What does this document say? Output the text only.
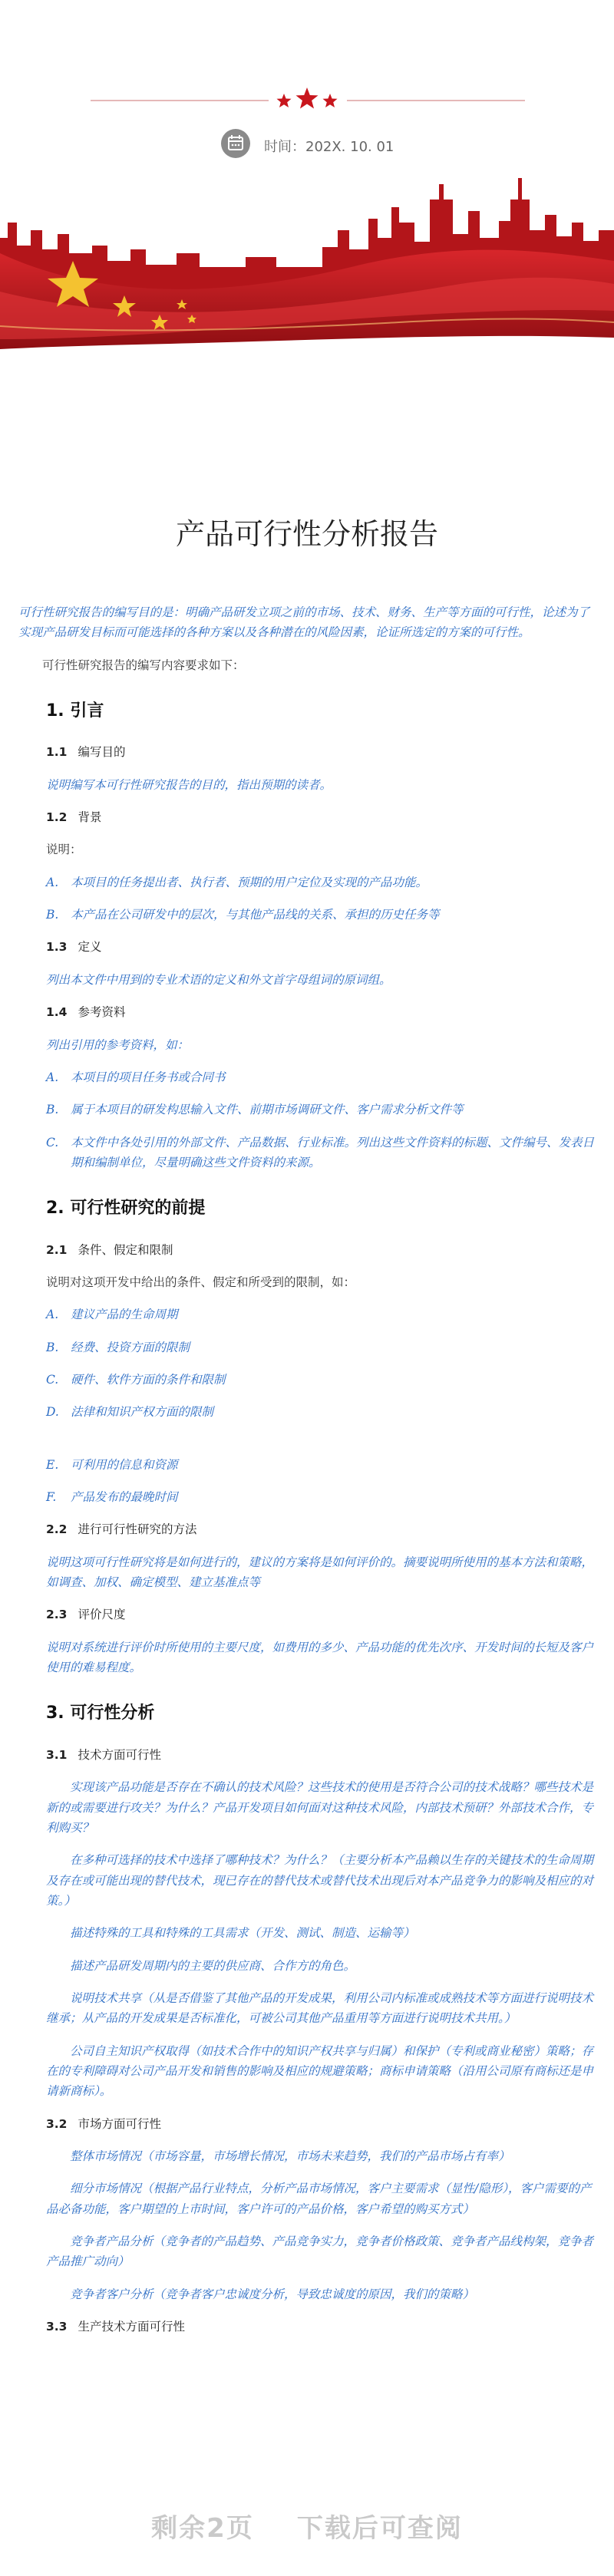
时间：202X. 10. 01
产品可行性分析报告

可行性研究报告的编写目的是：明确产品研发立项之前的市场、技术、财务、生产等方面的可行性，论述为了实现产品研发目标而可能选择的各种方案以及各种潜在的风险因素，论证所选定的方案的可行性。

可行性研究报告的编写内容要求如下：

1. 引言
1.1 编写目的

说明编写本可行性研究报告的目的，指出预期的读者。

1.2 背景

说明：

A.	本项目的任务提出者、执行者、预期的用户定位及实现的产品功能。
B.	本产品在公司研发中的层次，与其他产品线的关系、承担的历史任务等
1.3 定义

列出本文件中用到的专业术语的定义和外文首字母组词的原词组。

1.4 参考资料

列出引用的参考资料，如：

A.	本项目的项目任务书或合同书
B.	属于本项目的研发构思输入文件、前期市场调研文件、客户需求分析文件等
C.	本文件中各处引用的外部文件、产品数据、行业标准。列出这些文件资料的标题、文件编号、发表日期和编制单位，尽量明确这些文件资料的来源。
2. 可行性研究的前提
2.1 条件、假定和限制

说明对这项开发中给出的条件、假定和所受到的限制，如：

A.	建议产品的生命周期
B.	经费、投资方面的限制
C.	硬件、软件方面的条件和限制
D. 法律和知识产权方面的限制
E.	可利用的信息和资源
F.	产品发布的最晚时间
2.2 进行可行性研究的方法

说明这项可行性研究将是如何进行的，建议的方案将是如何评价的。摘要说明所使用的基本方法和策略，如调查、加权、确定模型、建立基准点等

2.3 评价尺度

说明对系统进行评价时所使用的主要尺度，如费用的多少、产品功能的优先次序、开发时间的长短及客户使用的难易程度。

3. 可行性分析
3.1 技术方面可行性

实现该产品功能是否存在不确认的技术风险？这些技术的使用是否符合公司的技术战略？哪些技术是新的或需要进行攻关？为什么？产品开发项目如何面对这种技术风险，内部技术预研？外部技术合作，专利购买？

在多种可选择的技术中选择了哪种技术？为什么？（主要分析本产品赖以生存的关键技术的生命周期及存在或可能出现的替代技术，现已存在的替代技术或替代技术出现后对本产品竞争力的影响及相应的对策。）

描述特殊的工具和特殊的工具需求（开发、测试、制造、运输等）

描述产品研发周期内的主要的供应商、合作方的角色。

说明技术共享（从是否借鉴了其他产品的开发成果，利用公司内标准或成熟技术等方面进行说明技术继承；从产品的开发成果是否标准化，可被公司其他产品重用等方面进行说明技术共用。）

公司自主知识产权取得（如技术合作中的知识产权共享与归属）和保护（专利或商业秘密）策略；存在的专利障碍对公司产品开发和销售的影响及相应的规避策略；商标申请策略（沿用公司原有商标还是申请新商标）。

3.2 市场方面可行性

整体市场情况（市场容量，市场增长情况，市场未来趋势，我们的产品市场占有率）

细分市场情况（根据产品行业特点，分析产品市场情况，客户主要需求（显性/隐形），客户需要的产品必备功能，客户期望的上市时间，客户许可的产品价格，客户希望的购买方式）

竞争者产品分析（竞争者的产品趋势、产品竞争实力，竞争者价格政策、竞争者产品线构架，竞争者产品推广动向）

竞争者客户分析（竞争者客户忠诚度分析，导致忠诚度的原因，我们的策略）

3.3 生产技术方面可行性
剩余2页 下载后可查阅
